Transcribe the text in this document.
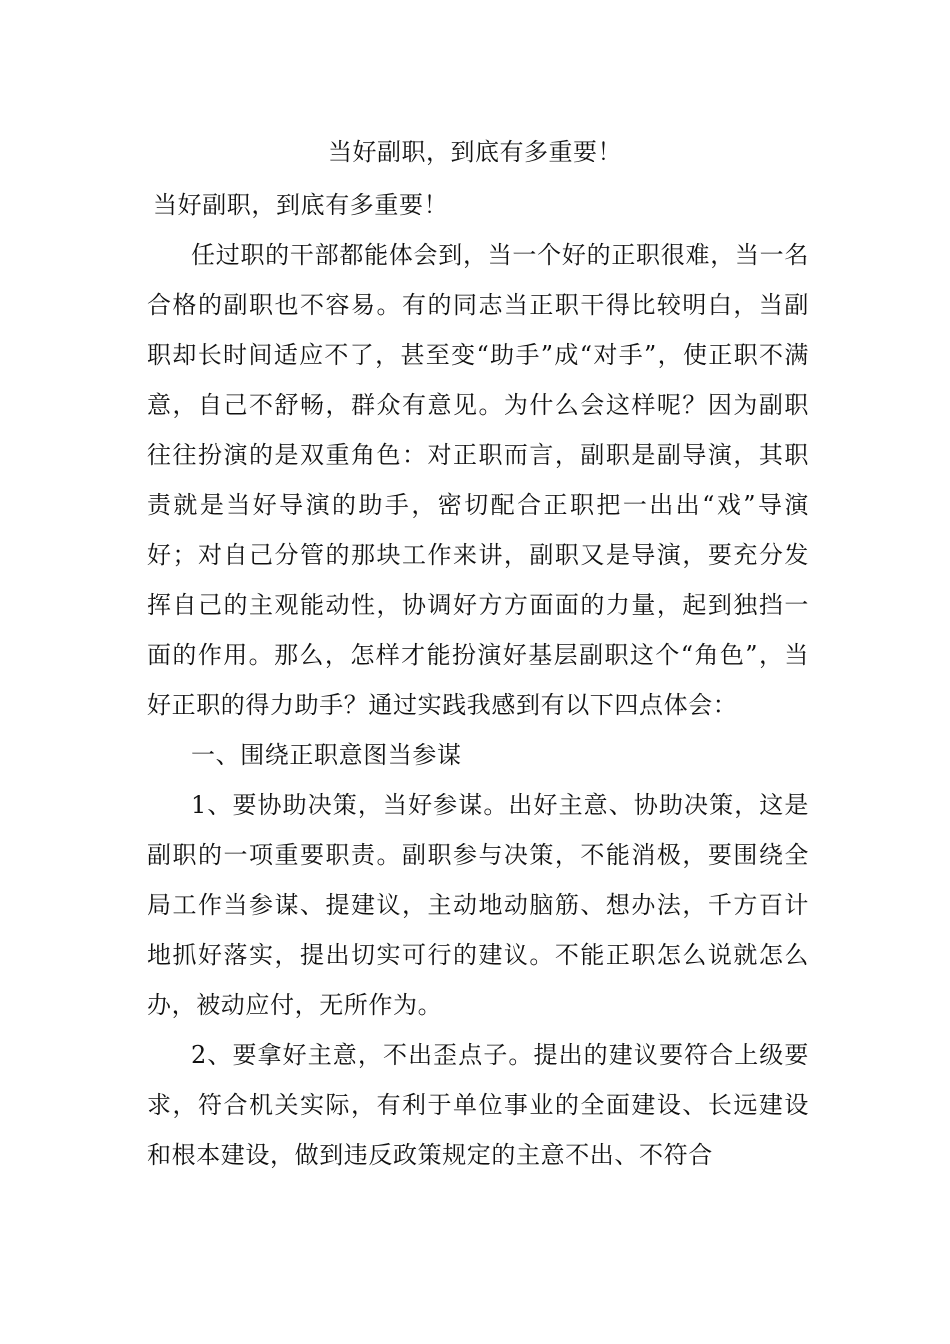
当好副职，到底有多重要！

当好副职，到底有多重要！

任过职的干部都能体会到，当一个好的正职很难，当一名合格的副职也不容易。有的同志当正职干得比较明白，当副职却长时间适应不了，甚至变“助手”成“对手”，使正职不满意，自己不舒畅，群众有意见。为什么会这样呢？因为副职往往扮演的是双重角色：对正职而言，副职是副导演，其职责就是当好导演的助手，密切配合正职把一出出“戏”导演好；对自己分管的那块工作来讲，副职又是导演，要充分发挥自己的主观能动性，协调好方方面面的力量，起到独挡一面的作用。那么，怎样才能扮演好基层副职这个“角色”，当好正职的得力助手？通过实践我感到有以下四点体会：

一、围绕正职意图当参谋

1、要协助决策，当好参谋。出好主意、协助决策，这是副职的一项重要职责。副职参与决策，不能消极，要围绕全局工作当参谋、提建议，主动地动脑筋、想办法，千方百计地抓好落实，提出切实可行的建议。不能正职怎么说就怎么办，被动应付，无所作为。

2、要拿好主意，不出歪点子。提出的建议要符合上级要求，符合机关实际，有利于单位事业的全面建设、长远建设和根本建设，做到违反政策规定的主意不出、不符合
